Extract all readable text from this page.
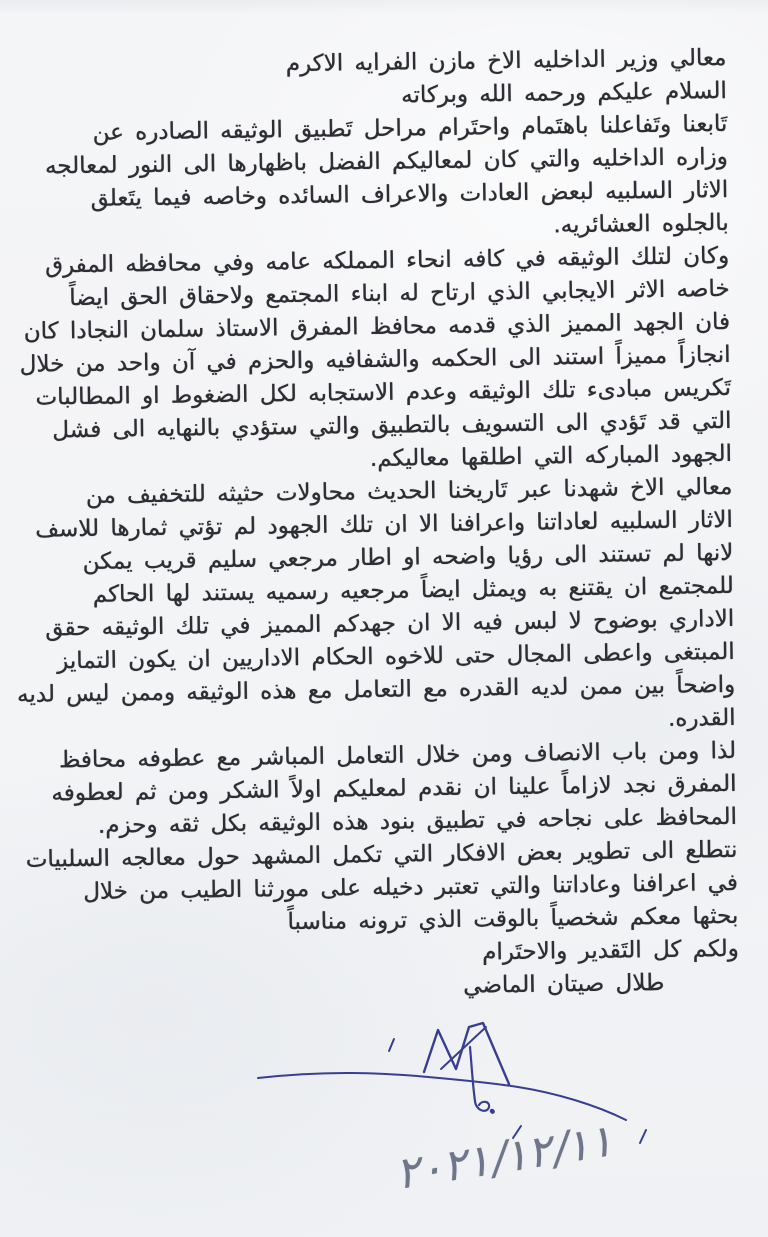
معالي وزير الداخليه الاخ مازن الفرايه الاكرم
السلام عليكم ورحمه الله وبركاته
تَابعنا وتَفاعلنا باهتَمام واحتَرام مراحل تَطبيق الوثيقه الصادره عن
وزاره الداخليه والتي كان لمعاليكم الفضل باظهارها الى النور لمعالجه
الاثار السلبيه لبعض العادات والاعراف السائده وخاصه فيما يتَعلق
بالجلوه العشائريه.
وكان لتلك الوثيقه في كافه انحاء المملكه عامه وفي محافظه المفرق
خاصه الاثر الايجابي الذي ارتاح له ابناء المجتمع ولاحقاق الحق ايضاً
فان الجهد المميز الذي قدمه محافظ المفرق الاستاذ سلمان النجادا كان
انجازاً مميزاً استند الى الحكمه والشفافيه والحزم في آن واحد من خلال
تَكريس مبادىء تلك الوثيقه وعدم الاستجابه لكل الضغوط او المطالبات
التي قد تَؤدي الى التسويف بالتطبيق والتي ستؤدي بالنهايه الى فشل
الجهود المباركه التي اطلقها معاليكم.
معالي الاخ شهدنا عبر تَاريخنا الحديث محاولات حثيثه للتخفيف من
الاثار السلبيه لعاداتنا واعرافنا الا ان تلك الجهود لم تؤتي ثمارها للاسف
لانها لم تستند الى رؤيا واضحه او اطار مرجعي سليم قريب يمكن
للمجتمع ان يقتنع به ويمثل ايضاً مرجعيه رسميه يستند لها الحاكم
الاداري بوضوح لا لبس فيه الا ان جهدكم المميز في تلك الوثيقه حقق
المبتغى واعطى المجال حتى للاخوه الحكام الاداريين ان يكون التمايز
واضحاً بين ممن لديه القدره مع التعامل مع هذه الوثيقه وممن ليس لديه
القدره.
لذا ومن باب الانصاف ومن خلال التعامل المباشر مع عطوفه محافظ
المفرق نجد لازاماً علينا ان نقدم لمعليكم اولاً الشكر ومن ثم لعطوفه
المحافظ على نجاحه في تطبيق بنود هذه الوثيقه بكل ثقه وحزم.
نتطلع الى تطوير بعض الافكار التي تكمل المشهد حول معالجه السلبيات
في اعرافنا وعاداتنا والتي تعتبر دخيله على مورثنا الطيب من خلال
بحثها معكم شخصياً بالوقت الذي ترونه مناسباً
ولكم كل التَقدير والاحتَرام
طلال صيتان الماضي
٢٠٢١/١٢/١١
